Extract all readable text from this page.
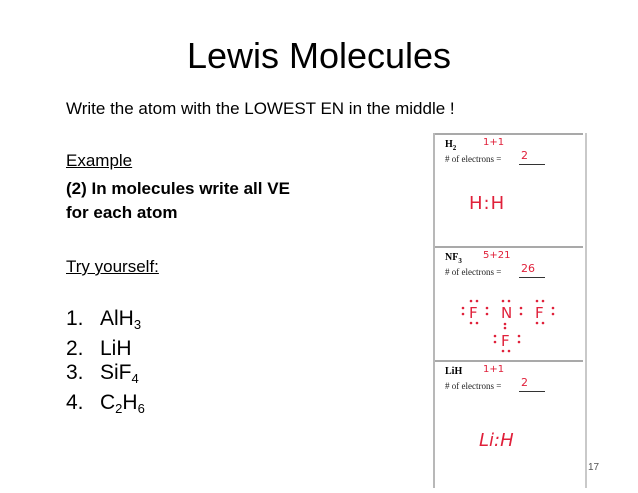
Lewis Molecules
Write the atom with the LOWEST EN in the middle !
Example
(2) In molecules write all VE
for each atom
Try yourself:
1. AlH$_3$
2. LiH
3. SiF$_4$
4. $C_2H_6$
$H_2$	1+1
# of electrons = 2
H:H
$NF_3$ 5+21
# of electrons = 26
F N F
F
LiH 1+1
# of electrons = 2
Li:H
17
